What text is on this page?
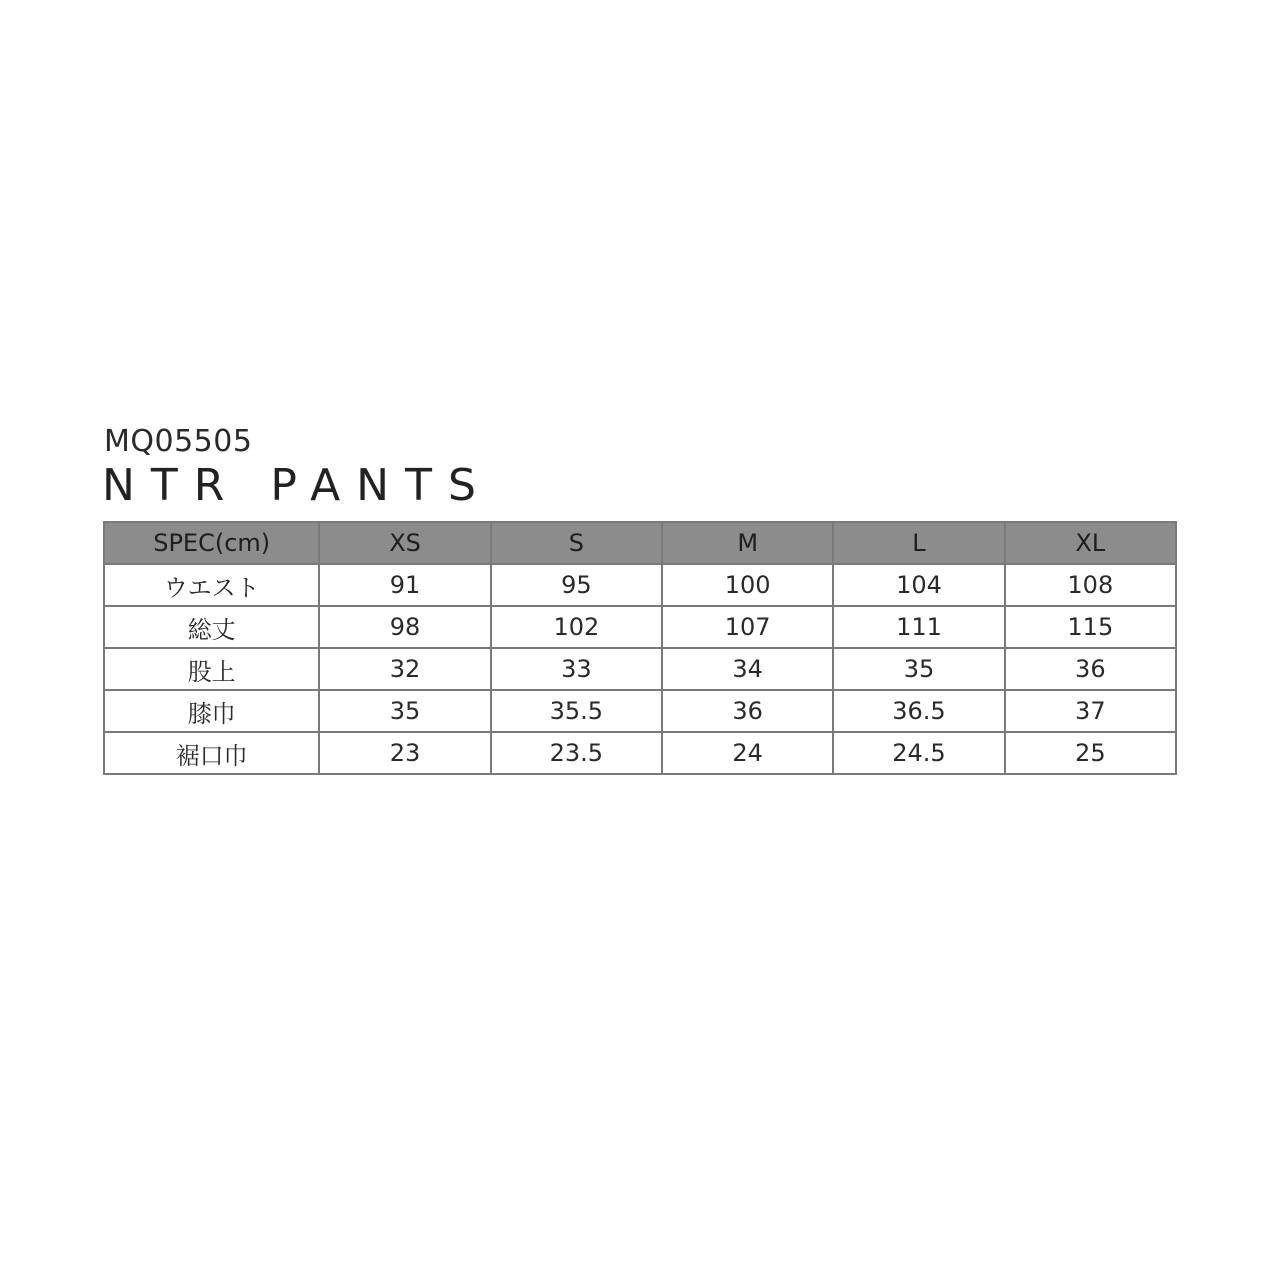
MQ05505
NTR PANTS
SPEC(cm)	XS	S	M	L	XL
ウエスト	91	95	100	104	108
総丈	98	102	107	111	115
股上	32	33	34	35	36
膝巾	35	35.5	36	36.5	37
裾口巾	23	23.5	24	24.5	25
